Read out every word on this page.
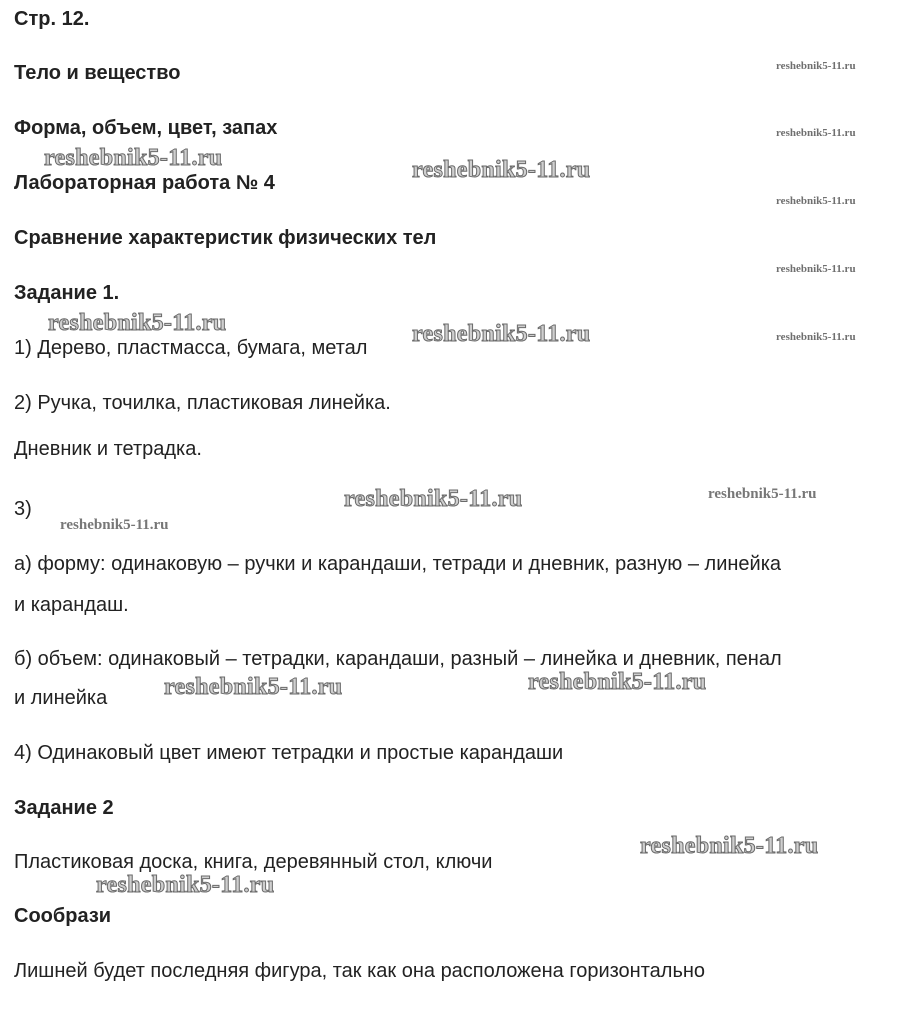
Стр. 12.
Тело и вещество
Форма, объем, цвет, запах
Лабораторная работа № 4
Сравнение характеристик физических тел
Задание 1.
1) Дерево, пластмасса, бумага, метал
2) Ручка, точилка, пластиковая линейка.
Дневник и тетрадка.
3)
а) форму: одинаковую – ручки и карандаши, тетради и дневник, разную – линейка
и карандаш.
б) объем: одинаковый – тетрадки, карандаши, разный – линейка и дневник, пенал
и линейка
4) Одинаковый цвет имеют тетрадки и простые карандаши
Задание 2
Пластиковая доска, книга, деревянный стол, ключи
Сообрази
Лишней будет последняя фигура, так как она расположена горизонтально
reshebnik5-11.ru	reshebnik5-11.ru
reshebnik5-11.ru	reshebnik5-11.ru
reshebnik5-11.ru
reshebnik5-11.ru	reshebnik5-11.ru
reshebnik5-11.ru
reshebnik5-11.ru
reshebnik5-11.ru
reshebnik5-11.ru
reshebnik5-11.ru
reshebnik5-11.ru
reshebnik5-11.ru
reshebnik5-11.ru
reshebnik5-11.ru
